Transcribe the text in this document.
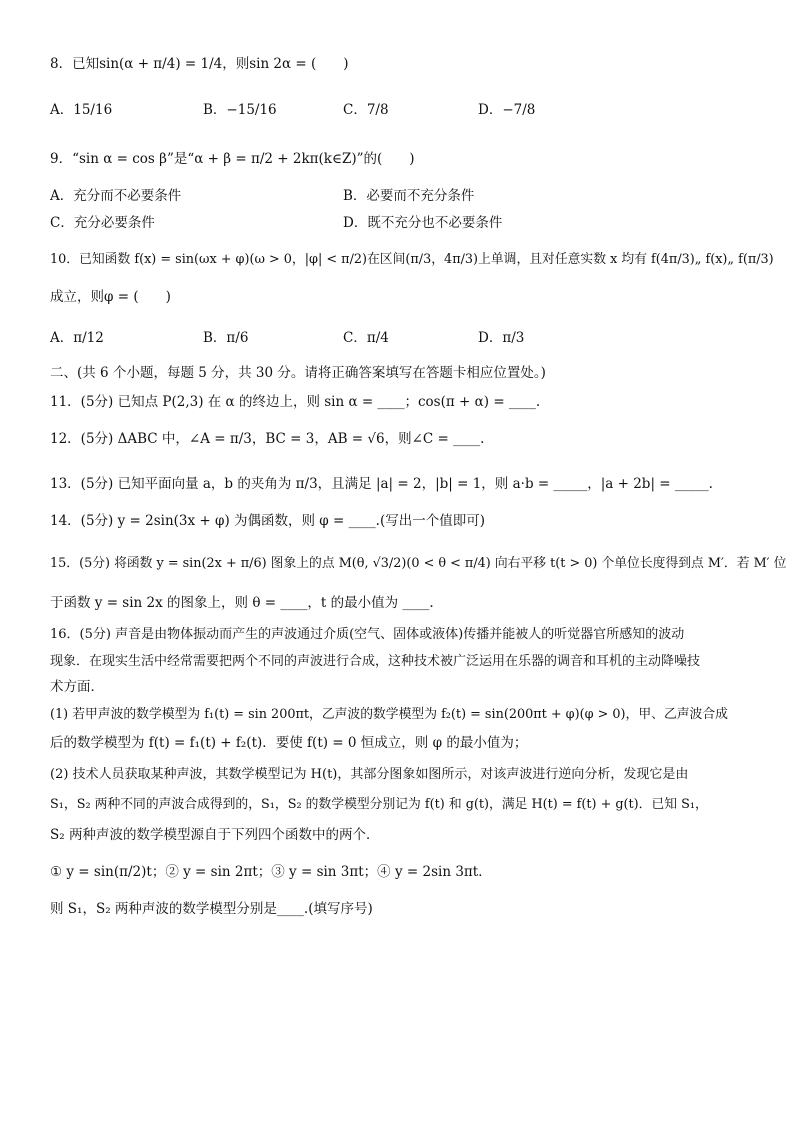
8．已知sin(α + π/4) = 1/4，则sin 2α = (　　)
A．15/16	B．−15/16	C．7/8	D．−7/8
9．“sin α = cos β”是“α + β = π/2 + 2kπ(k∈Z)”的(　　)
A．充分而不必要条件	B．必要而不充分条件
C．充分必要条件	D．既不充分也不必要条件
10．已知函数 f(x) = sin(ωx + φ)(ω > 0，|φ| < π/2)在区间(π/3，4π/3)上单调，且对任意实数 x 均有 f(4π/3)„ f(x)„ f(π/3)
成立，则φ = (　　)
A．π/12	B．π/6	C．π/4	D．π/3
二、(共 6 个小题，每题 5 分，共 30 分。请将正确答案填写在答题卡相应位置处。)
11．(5分) 已知点 P(2,3) 在 α 的终边上，则 sin α = ____；cos(π + α) = ____.
12．(5分) ΔABC 中，∠A = π/3，BC = 3，AB = √6，则∠C = ____.
13．(5分) 已知平面向量 a，b 的夹角为 π/3，且满足 |a| = 2，|b| = 1，则 a·b = _____，|a + 2b| = _____.
14．(5分) y = 2sin(3x + φ) 为偶函数，则 φ = ____.(写出一个值即可)
15．(5分) 将函数 y = sin(2x + π/6) 图象上的点 M(θ, √3/2)(0 < θ < π/4) 向右平移 t(t > 0) 个单位长度得到点 M′．若 M′ 位
于函数 y = sin 2x 的图象上，则 θ = ____，t 的最小值为 ____.
16．(5分) 声音是由物体振动而产生的声波通过介质(空气、固体或液体)传播并能被人的听觉器官所感知的波动
现象．在现实生活中经常需要把两个不同的声波进行合成，这种技术被广泛运用在乐器的调音和耳机的主动降噪技
术方面．
(1) 若甲声波的数学模型为 f₁(t) = sin 200πt，乙声波的数学模型为 f₂(t) = sin(200πt + φ)(φ > 0)，甲、乙声波合成
后的数学模型为 f(t) = f₁(t) + f₂(t)．要使 f(t) = 0 恒成立，则 φ 的最小值为；
(2) 技术人员获取某种声波，其数学模型记为 H(t)，其部分图象如图所示，对该声波进行逆向分析，发现它是由
S₁，S₂ 两种不同的声波合成得到的，S₁，S₂ 的数学模型分别记为 f(t) 和 g(t)，满足 H(t) = f(t) + g(t)．已知 S₁，
S₂ 两种声波的数学模型源自于下列四个函数中的两个．
① y = sin(π/2)t；② y = sin 2πt；③ y = sin 3πt；④ y = 2sin 3πt．
则 S₁，S₂ 两种声波的数学模型分别是____.(填写序号)
